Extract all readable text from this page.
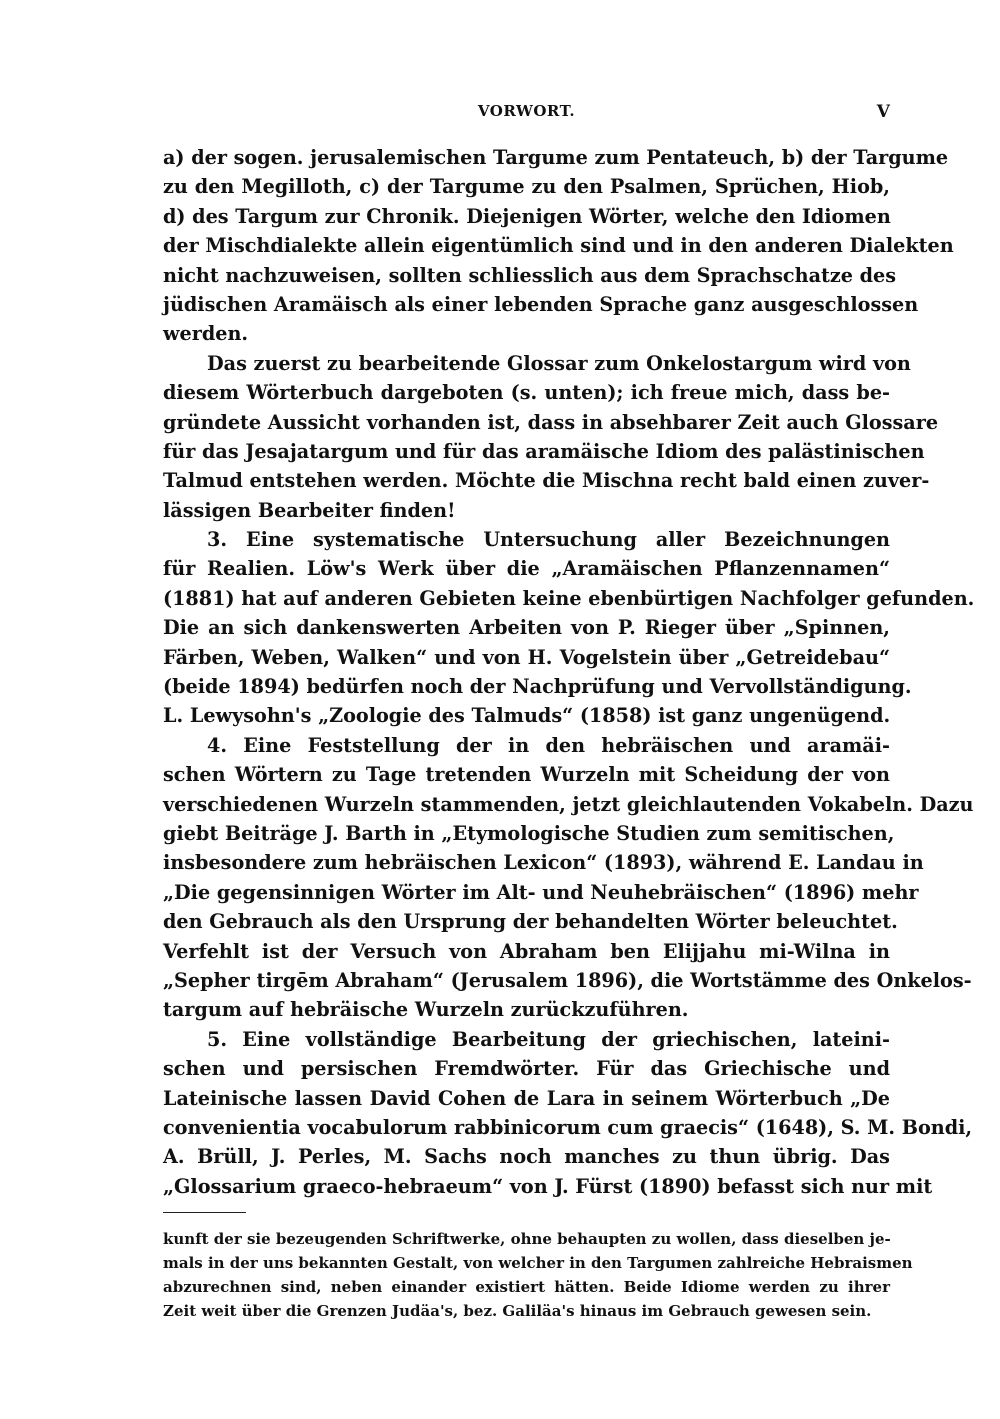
VORWORT.	V
a) der sogen. jerusalemischen Targume zum Pentateuch, b) der Targume
zu den Megilloth, c) der Targume zu den Psalmen, Sprüchen, Hiob,
d) des Targum zur Chronik. Diejenigen Wörter, welche den Idiomen
der Mischdialekte allein eigentümlich sind und in den anderen Dialekten
nicht nachzuweisen, sollten schliesslich aus dem Sprachschatze des
jüdischen Aramäisch als einer lebenden Sprache ganz ausgeschlossen
werden.
Das zuerst zu bearbeitende Glossar zum Onkelostargum wird von
diesem Wörterbuch dargeboten (s. unten); ich freue mich, dass be-
gründete Aussicht vorhanden ist, dass in absehbarer Zeit auch Glossare
für das Jesajatargum und für das aramäische Idiom des palästinischen
Talmud entstehen werden. Möchte die Mischna recht bald einen zuver-
lässigen Bearbeiter finden!
3. Eine systematische Untersuchung aller Bezeichnungen
für Realien. Löw's Werk über die „Aramäischen Pflanzennamen“
(1881) hat auf anderen Gebieten keine ebenbürtigen Nachfolger gefunden.
Die an sich dankenswerten Arbeiten von P. Rieger über „Spinnen,
Färben, Weben, Walken“ und von H. Vogelstein über „Getreidebau“
(beide 1894) bedürfen noch der Nachprüfung und Vervollständigung.
L. Lewysohn's „Zoologie des Talmuds“ (1858) ist ganz ungenügend.
4. Eine Feststellung der in den hebräischen und aramäi-
schen Wörtern zu Tage tretenden Wurzeln mit Scheidung der von
verschiedenen Wurzeln stammenden, jetzt gleichlautenden Vokabeln. Dazu
giebt Beiträge J. Barth in „Etymologische Studien zum semitischen,
insbesondere zum hebräischen Lexicon“ (1893), während E. Landau in
„Die gegensinnigen Wörter im Alt- und Neuhebräischen“ (1896) mehr
den Gebrauch als den Ursprung der behandelten Wörter beleuchtet.
Verfehlt ist der Versuch von Abraham ben Elijjahu mi-Wilna in
„Sepher tirgēm Abraham“ (Jerusalem 1896), die Wortstämme des Onkelos-
targum auf hebräische Wurzeln zurückzuführen.
5. Eine vollständige Bearbeitung der griechischen, lateini-
schen und persischen Fremdwörter. Für das Griechische und
Lateinische lassen David Cohen de Lara in seinem Wörterbuch „De
convenientia vocabulorum rabbinicorum cum graecis“ (1648), S. M. Bondi,
A. Brüll, J. Perles, M. Sachs noch manches zu thun übrig. Das
„Glossarium graeco-hebraeum“ von J. Fürst (1890) befasst sich nur mit
kunft der sie bezeugenden Schriftwerke, ohne behaupten zu wollen, dass dieselben je-
mals in der uns bekannten Gestalt, von welcher in den Targumen zahlreiche Hebraismen
abzurechnen sind, neben einander existiert hätten. Beide Idiome werden zu ihrer
Zeit weit über die Grenzen Judäa's, bez. Galiläa's hinaus im Gebrauch gewesen sein.
